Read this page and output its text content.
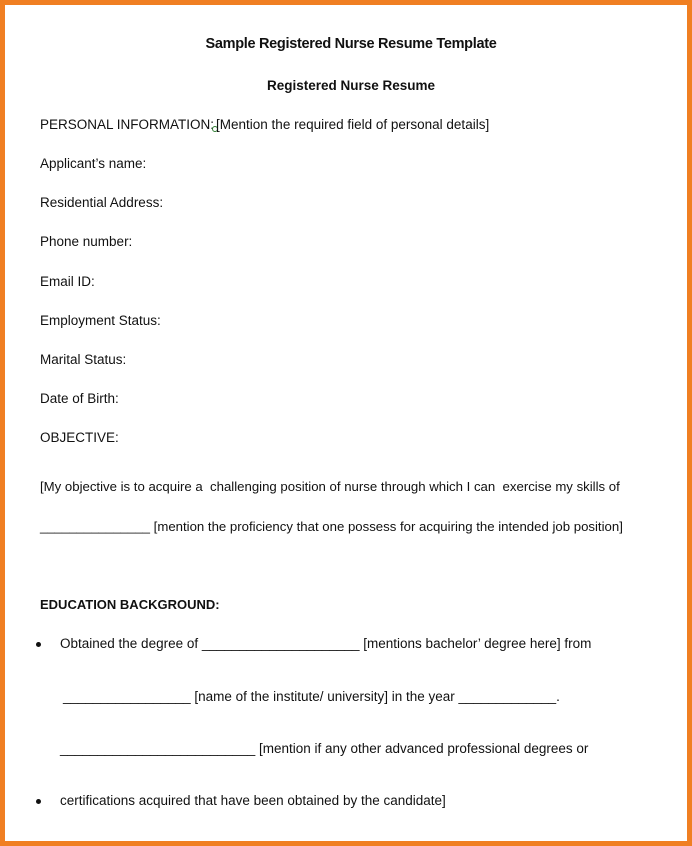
Sample Registered Nurse Resume Template
Registered Nurse Resume
PERSONAL INFORMATION: [Mention the required field of personal details]
Applicant’s name:
Residential Address:
Phone number:
Email ID:
Employment Status:
Marital Status:
Date of Birth:
OBJECTIVE:
[My objective is to acquire a  challenging position of nurse through which I can  exercise my skills of
_______________ [mention the proficiency that one possess for acquiring the intended job position]
EDUCATION BACKGROUND:
Obtained the degree of _____________________ [mentions bachelor’ degree here] from
_________________ [name of the institute/ university] in the year _____________.
__________________________ [mention if any other advanced professional degrees or
certifications acquired that have been obtained by the candidate]
